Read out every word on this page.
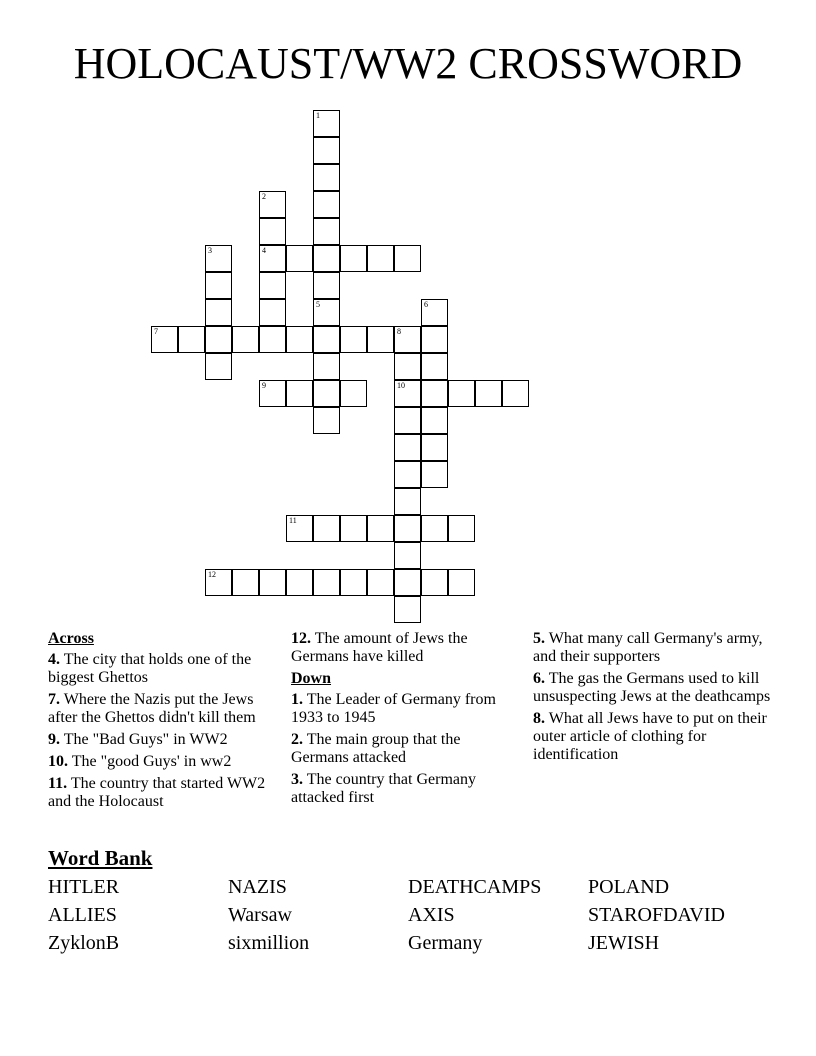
HOLOCAUST/WW2 CROSSWORD
1
5
2
4
3
6
7	8
10
9
11
12
Across
4. The city that holds one of the biggest Ghettos
7. Where the Nazis put the Jews after the Ghettos didn't kill them
9. The "Bad Guys" in WW2
10. The "good Guys' in ww2
11. The country that started WW2 and the Holocaust
12. The amount of Jews the Germans have killed
Down
1. The Leader of Germany from 1933 to 1945
2. The main group that the Germans attacked
3. The country that Germany attacked first
5. What many call Germany's army, and their supporters
6. The gas the Germans used to kill unsuspecting Jews at the deathcamps
8. What all Jews have to put on their outer article of clothing for identification
Word Bank
HITLER	NAZIS	DEATHCAMPS POLAND
ALLIES	Warsaw	AXIS	STAROFDAVID
ZyklonB	sixmillion	Germany	JEWISH
